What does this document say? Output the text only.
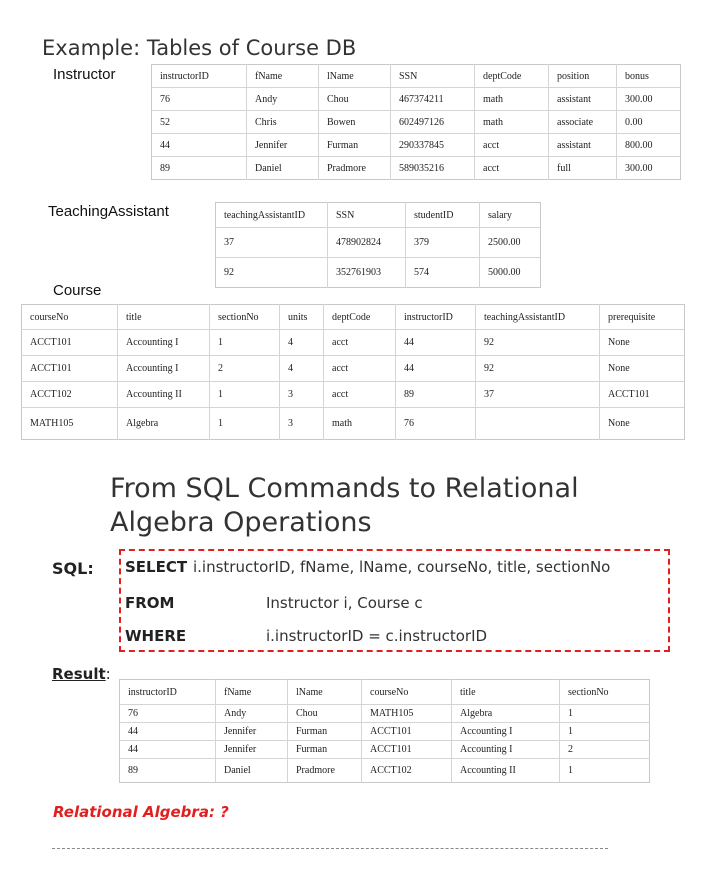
Example: Tables of Course DB
Instructor	instructorID	fName	lName	SSN	deptCode	position	bonus
76	Andy	Chou	467374211	math	assistant	300.00
52	Chris	Bowen	602497126	math	associate	0.00
44	Jennifer	Furman	290337845	acct	assistant	800.00
89	Daniel	Pradmore	589035216	acct	full	300.00
TeachingAssistant	teachingAssistantID	SSN	studentID	salary
37	478902824	379	2500.00
92	352761903	574	5000.00
Course
courseNo	title	sectionNo	units	deptCode	instructorID	teachingAssistantID	prerequisite
ACCT101	Accounting I	1	4	acct	44	92	None
ACCT101	Accounting I	2	4	acct	44	92	None
ACCT102	Accounting II	1	3	acct	89	37	ACCT101
MATH105	Algebra	1	3	math	76		None
From SQL Commands to Relational
Algebra Operations
SQL: SELECT i.instructorID, fName, lName, courseNo, title, sectionNo
FROM	Instructor i, Course c
WHERE	i.instructorID = c.instructorID
Result:
instructorID	fName	lName	courseNo	title	sectionNo
76	Andy	Chou	MATH105	Algebra	1
44	Jennifer	Furman	ACCT101	Accounting I	1
44	Jennifer	Furman	ACCT101	Accounting I	2
89	Daniel	Pradmore	ACCT102	Accounting II	1
Relational Algebra: ?
